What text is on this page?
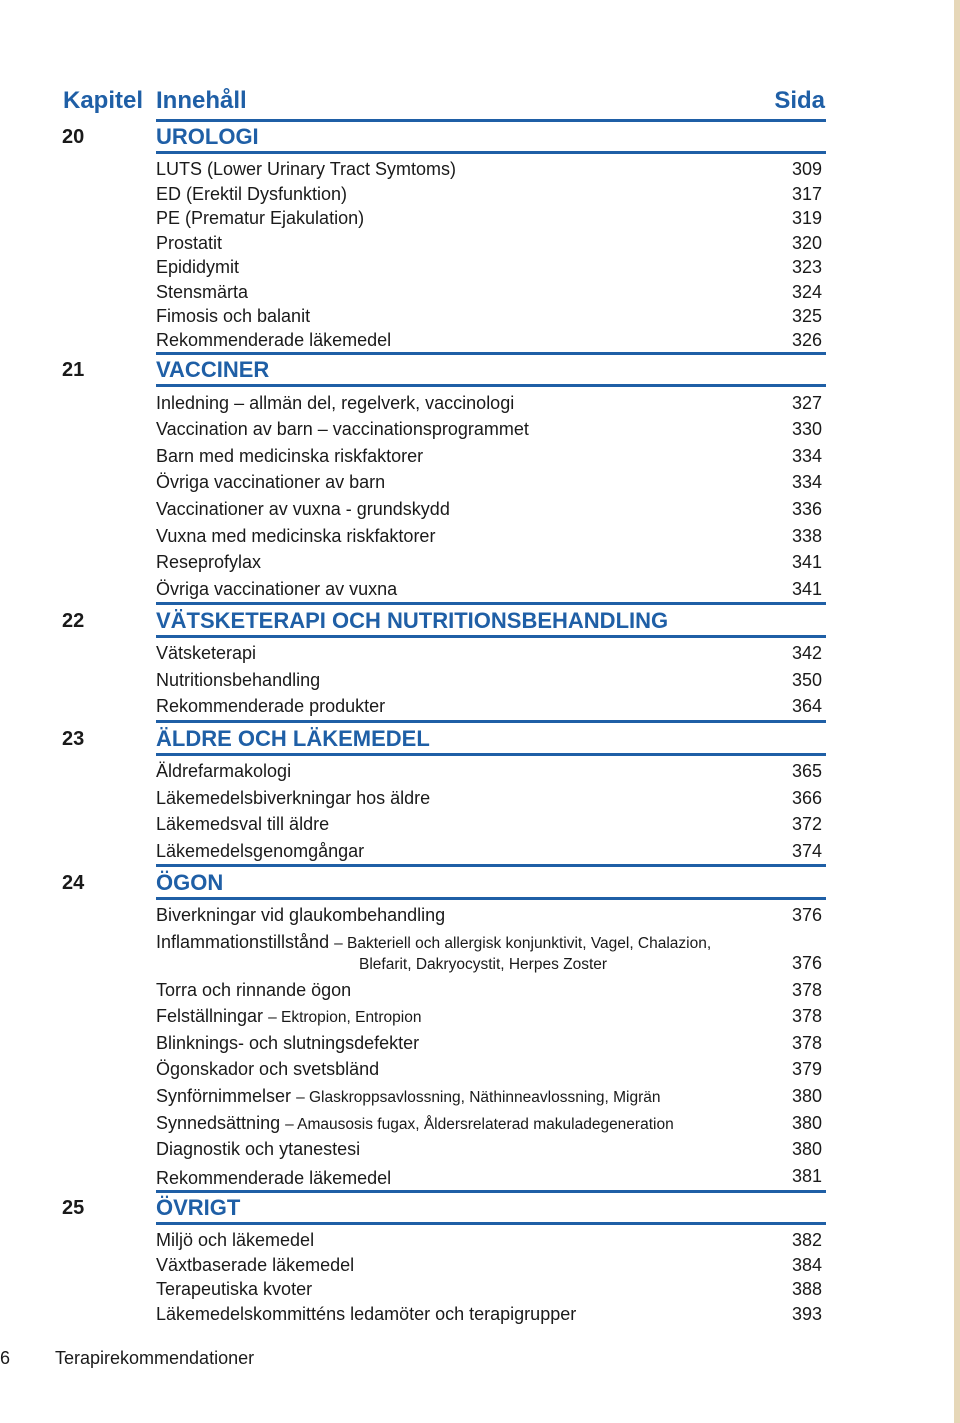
Kapitel Innehåll	Sida
20	UROLOGI
LUTS (Lower Urinary Tract Symtoms)	309
ED (Erektil Dysfunktion)	317
PE (Prematur Ejakulation)	319
Prostatit	320
Epididymit	323
Stensmärta	324
Fimosis och balanit	325
Rekommenderade läkemedel	326
21	VACCINER
Inledning – allmän del, regelverk, vaccinologi	327
Vaccination av barn – vaccinationsprogrammet	330
Barn med medicinska riskfaktorer	334
Övriga vaccinationer av barn	334
Vaccinationer av vuxna - grundskydd	336
Vuxna med medicinska riskfaktorer	338
Reseprofylax	341
Övriga vaccinationer av vuxna	341
22	VÄTSKETERAPI OCH NUTRITIONSBEHANDLING
Vätsketerapi	342
Nutritionsbehandling	350
Rekommenderade produkter	364
23	ÄLDRE OCH LÄKEMEDEL
Äldrefarmakologi	365
Läkemedelsbiverkningar hos äldre	366
Läkemedsval till äldre	372
Läkemedelsgenomgångar	374
24	ÖGON
Biverkningar vid glaukombehandling	376
Inflammationstillstånd – Bakteriell och allergisk konjunktivit, Vagel, Chalazion,
Blefarit, Dakryocystit, Herpes Zoster	376
Torra och rinnande ögon	378
Felställningar – Ektropion, Entropion	378
Blinknings- och slutningsdefekter	378
Ögonskador och svetsbländ	379
Synförnimmelser – Glaskroppsavlossning, Näthinneavlossning, Migrän	380
Synnedsättning – Amausosis fugax, Åldersrelaterad makuladegeneration	380
Diagnostik och ytanestesi	380
Rekommenderade läkemedel	381
25	ÖVRIGT
Miljö och läkemedel	382
Växtbaserade läkemedel	384
Terapeutiska kvoter	388
Läkemedelskommitténs ledamöter och terapigrupper	393
6 Terapirekommendationer
